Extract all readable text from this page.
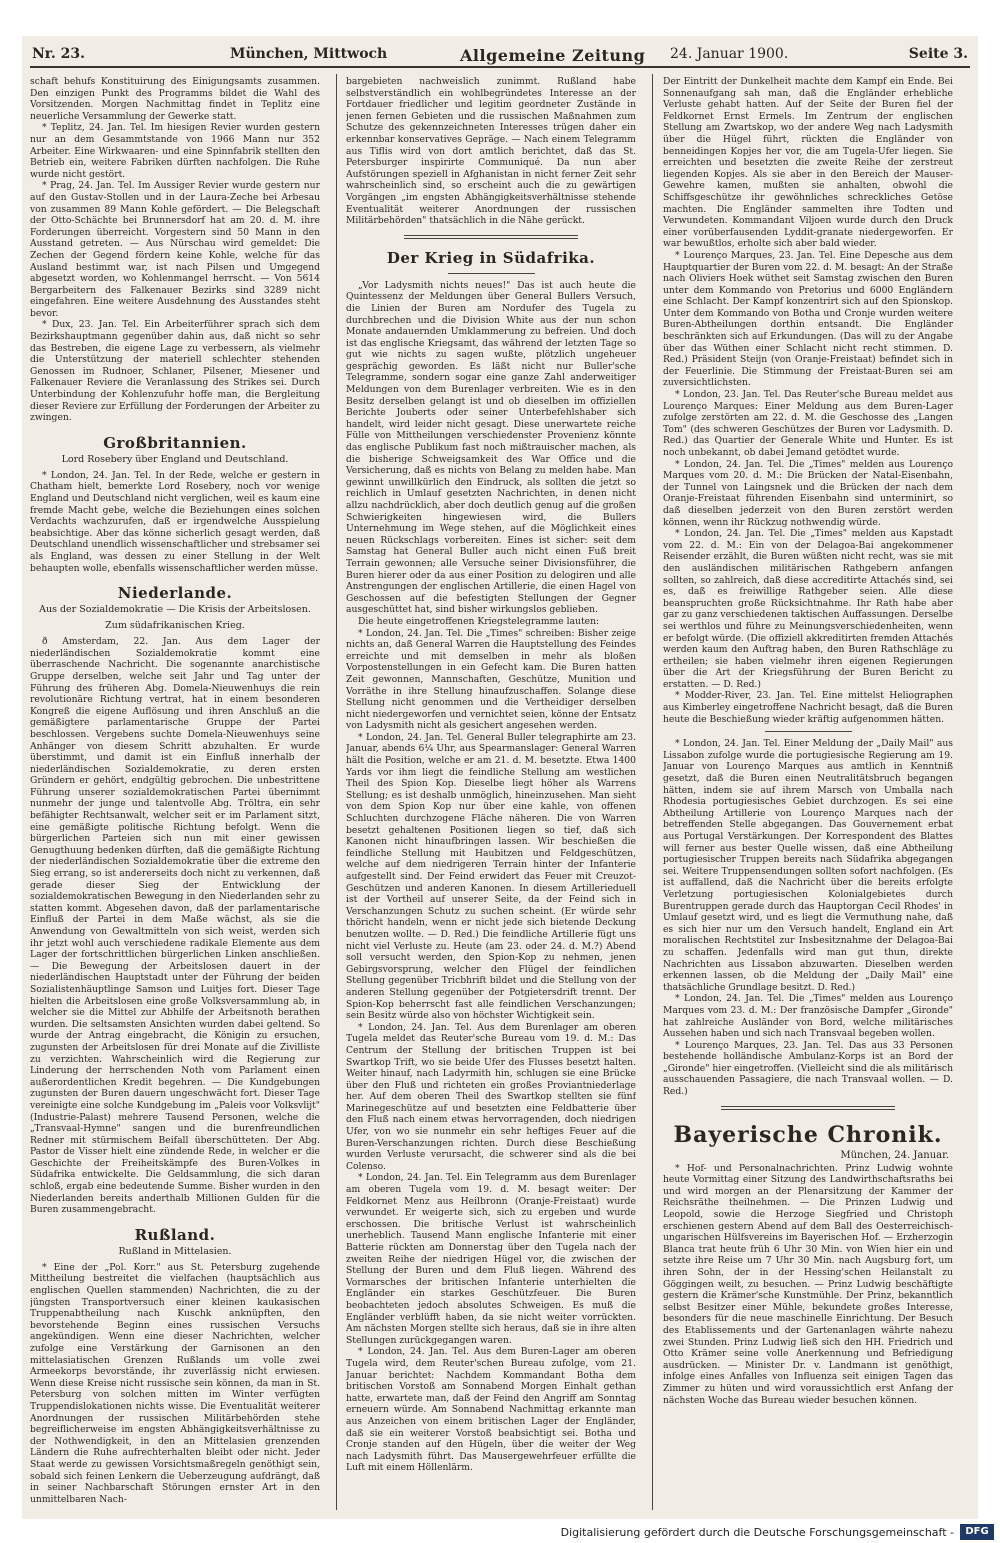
Nr. 23.	München, Mittwoch	Allgemeine Zeitung 24. Januar 1900.	Seite 3.

schaft behufs Konstituirung des Einigungsamts zusammen. Den einzigen Punkt des Programms bildet die Wahl des Vorsitzenden. Morgen Nachmittag findet in Teplitz eine neuerliche Versammlung der Gewerke statt.

* Teplitz, 24. Jan. Tel. Im hiesigen Revier wurden gestern nur an dem Gesammtstande von 1966 Mann nur 352 Arbeiter. Eine Wirkwaaren- und eine Spinnfabrik stellten den Betrieb ein, weitere Fabriken dürften nachfolgen. Die Ruhe wurde nicht gestört.

* Prag, 24. Jan. Tel. Im Aussiger Revier wurde gestern nur auf den Gustav-Stollen und in der Laura-Zeche bei Arbesau von zusammen 89 Mann Kohle gefördert. — Die Belegschaft der Otto-Schächte bei Brunnersdorf hat am 20. d. M. ihre Forderungen überreicht. Vorgestern sind 50 Mann in den Ausstand getreten. — Aus Nürschau wird gemeldet: Die Zechen der Gegend fördern keine Kohle, welche für das Ausland bestimmt war, ist nach Pilsen und Umgegend abgesetzt worden, wo Kohlenmangel herrscht. — Von 5614 Bergarbeitern des Falkenauer Bezirks sind 3289 nicht eingefahren. Eine weitere Ausdehnung des Ausstandes steht bevor.

* Dux, 23. Jan. Tel. Ein Arbeiterführer sprach sich dem Bezirkshauptmann gegenüber dahin aus, daß nicht so sehr das Bestreben, die eigene Lage zu verbessern, als vielmehr die Unterstützung der materiell schlechter stehenden Genossen im Rudnoer, Schlaner, Pilsener, Miesener und Falkenauer Reviere die Veranlassung des Strikes sei. Durch Unterbindung der Kohlenzufuhr hoffe man, die Bergleitung dieser Reviere zur Erfüllung der Forderungen der Arbeiter zu zwingen.

Großbritannien.
Lord Rosebery über England und Deutschland.

* London, 24. Jan. Tel. In der Rede, welche er gestern in Chatham hielt, bemerkte Lord Rosebery, noch vor wenige England und Deutschland nicht verglichen, weil es kaum eine fremde Macht gebe, welche die Beziehungen eines solchen Verdachts wachzurufen, daß er irgendwelche Ausspielung beabsichtige. Aber das könne sicherlich gesagt werden, daß Deutschland unendlich wissenschaftlicher und strebsamer sei als England, was dessen zu einer Stellung in der Welt behaupten wolle, ebenfalls wissenschaftlicher werden müsse.

Niederlande.
Aus der Sozialdemokratie — Die Krisis der Arbeitslosen.
Zum südafrikanischen Krieg.

ð Amsterdam, 22. Jan. Aus dem Lager der niederländischen Sozialdemokratie kommt eine überraschende Nachricht. Die sogenannte anarchistische Gruppe derselben, welche seit Jahr und Tag unter der Führung des früheren Abg. Domela-Nieuwenhuys die rein revolutionäre Richtung vertrat, hat in einem besonderen Kongreß die eigene Auflösung und ihren Anschluß an die gemäßigtere parlamentarische Gruppe der Partei beschlossen. Vergebens suchte Domela-Nieuwenhuys seine Anhänger von diesem Schritt abzuhalten. Er wurde überstimmt, und damit ist ein Einfluß innerhalb der niederländischen Sozialdemokratie, zu deren ersten Gründern er gehört, endgültig gebrochen. Die unbestrittene Führung unserer sozialdemokratischen Partei übernimmt nunmehr der junge und talentvolle Abg. Tröltra, ein sehr befähigter Rechtsanwalt, welcher seit er im Parlament sitzt, eine gemäßigte politische Richtung befolgt. Wenn die bürgerlichen Parteien sich nun mit einer gewissen Genugthuung bedenken dürften, daß die gemäßigte Richtung der niederländischen Sozialdemokratie über die extreme den Sieg errang, so ist andererseits doch nicht zu verkennen, daß gerade dieser Sieg der Entwicklung der sozialdemokratischen Bewegung in den Niederlanden sehr zu statten kommt. Abgesehen davon, daß der parlamentarische Einfluß der Partei in dem Maße wächst, als sie die Anwendung von Gewaltmitteln von sich weist, werden sich ihr jetzt wohl auch verschiedene radikale Elemente aus dem Lager der fortschrittlichen bürgerlichen Linken anschließen. — Die Bewegung der Arbeitslosen dauert in der niederländischen Hauptstadt unter der Führung der beiden Sozialistenhäuptlinge Samson und Luitjes fort. Dieser Tage hielten die Arbeitslosen eine große Volksversammlung ab, in welcher sie die Mittel zur Abhilfe der Arbeitsnoth berathen wurden. Die seltsamsten Ansichten wurden dabei geltend. So wurde der Antrag eingebracht, die Königin zu ersuchen, zugunsten der Arbeitslosen für drei Monate auf die Zivilliste zu verzichten. Wahrscheinlich wird die Regierung zur Linderung der herrschenden Noth vom Parlament einen außerordentlichen Kredit begehren. — Die Kundgebungen zugunsten der Buren dauern ungeschwächt fort. Dieser Tage vereinigte eine solche Kundgebung im „Paleis voor Volksvlijt" (Industrie-Palast) mehrere Tausend Personen, welche die „Transvaal-Hymne" sangen und die burenfreundlichen Redner mit stürmischem Beifall überschütteten. Der Abg. Pastor de Visser hielt eine zündende Rede, in welcher er die Geschichte der Freiheitskämpfe des Buren-Volkes in Südafrika entwickelte. Die Geldsammlung, die sich daran schloß, ergab eine bedeutende Summe. Bisher wurden in den Niederlanden bereits anderthalb Millionen Gulden für die Buren zusammengebracht.

Rußland.
Rußland in Mittelasien.

* Eine der „Pol. Korr." aus St. Petersburg zugehende Mittheilung bestreitet die vielfachen (hauptsächlich aus englischen Quellen stammenden) Nachrichten, die zu der jüngsten Transportversuch einer kleinen kaukasischen Truppenabtheilung nach Kuschk anknüpften, den bevorstehende Beginn eines russischen Versuchs angekündigen. Wenn eine dieser Nachrichten, welcher zufolge eine Verstärkung der Garnisonen an den mittelasiatischen Grenzen Rußlands um volle zwei Armeekorps bevorstände, ihr zuverlässig nicht erwiesen. Wenn diese Kreise nicht russische sein können, da man in St. Petersburg von solchen mitten im Winter verfügten Truppendislokationen nichts wisse. Die Eventualität weiterer Anordnungen der russischen Militärbehörden stehe begreiflicherweise im engsten Abhängigkeitsverhältnisse zu der Nothwendigkeit, in den an Mittelasien grenzenden Ländern die Ruhe aufrechterhalten bleibt oder nicht. Jeder Staat werde zu gewissen Vorsichtsmaßregeln genöthigt sein, sobald sich feinen Lenkern die Ueberzeugung aufdrängt, daß in seiner Nachbarschaft Störungen ernster Art in den unmittelbaren Nach-

bargebieten nachweislich zunimmt. Rußland habe selbstverständlich ein wohlbegründetes Interesse an der Fortdauer friedlicher und legitim geordneter Zustände in jenen fernen Gebieten und die russischen Maßnahmen zum Schutze des gekennzeichneten Interesses trügen daher ein erkennbar konservatives Gepräge. — Nach einem Telegramm aus Tiflis wird von dort amtlich berichtet, daß das St. Petersburger inspirirte Communiqué. Da nun aber Aufstörungen speziell in Afghanistan in nicht ferner Zeit sehr wahrscheinlich sind, so erscheint auch die zu gewärtigen Vorgängen „im engsten Abhängigkeitsverhältnisse stehende Eventualität weiterer Anordnungen der russischen Militärbehörden" thatsächlich in die Nähe gerückt.

Der Krieg in Südafrika.

„Vor Ladysmith nichts neues!" Das ist auch heute die Quintessenz der Meldungen über General Bullers Versuch, die Linien der Buren am Nordufer des Tugela zu durchbrechen und die Division White aus der nun schon Monate andauernden Umklammerung zu befreien. Und doch ist das englische Kriegsamt, das während der letzten Tage so gut wie nichts zu sagen wußte, plötzlich ungeheuer gesprächig geworden. Es läßt nicht nur Buller'sche Telegramme, sondern sogar eine ganze Zahl anderweitiger Meldungen von dem Burenlager verbreiten. Wie es in den Besitz derselben gelangt ist und ob dieselben im offiziellen Berichte Jouberts oder seiner Unterbefehlshaber sich handelt, wird leider nicht gesagt. Diese unerwartete reiche Fülle von Mittheilungen verschiedenster Provenienz könnte das englische Publikum fast noch mißtrauischer machen, als die bisherige Schweigsamkeit des War Office und die Versicherung, daß es nichts von Belang zu melden habe. Man gewinnt unwillkürlich den Eindruck, als sollten die jetzt so reichlich in Umlauf gesetzten Nachrichten, in denen nicht allzu nachdrücklich, aber doch deutlich genug auf die großen Schwierigkeiten hingewiesen wird, die Bullers Unternehmung im Wege stehen, auf die Möglichkeit eines neuen Rückschlags vorbereiten. Eines ist sicher: seit dem Samstag hat General Buller auch nicht einen Fuß breit Terrain gewonnen; alle Versuche seiner Divisionsführer, die Buren hierer oder da aus einer Position zu delogiren und alle Anstrengungen der englischen Artillerie, die einen Hagel von Geschossen auf die befestigten Stellungen der Gegner ausgeschüttet hat, sind bisher wirkungslos geblieben.

Die heute eingetroffenen Kriegstelegramme lauten:

* London, 24. Jan. Tel. Die „Times" schreiben: Bisher zeige nichts an, daß General Warren die Hauptstellung des Feindes erreichte und mit demselben in mehr als bloßen Vorpostenstellungen in ein Gefecht kam. Die Buren hatten Zeit gewonnen, Mannschaften, Geschütze, Munition und Vorräthe in ihre Stellung hinaufzuschaffen. Solange diese Stellung nicht genommen und die Vertheidiger derselben nicht niedergeworfen und vernichtet seien, könne der Entsatz von Ladysmith nicht als gesichert angesehen werden.

* London, 24. Jan. Tel. General Buller telegraphirte am 23. Januar, abends 6¼ Uhr, aus Spearmanslager: General Warren hält die Position, welche er am 21. d. M. besetzte. Etwa 1400 Yards vor ihm liegt die feindliche Stellung am westlichen Theil des Spion Kop. Dieselbe liegt höher als Warrens Stellung; es ist deshalb unmöglich, hineinzusehen. Man sieht von dem Spion Kop nur über eine kahle, von offenen Schluchten durchzogene Fläche näheren. Die von Warren besetzt gehaltenen Positionen liegen so tief, daß sich Kanonen nicht hinaufbringen lassen. Wir beschießen die feindliche Stellung mit Haubitzen und Feldgeschützen, welche auf dem niedrigeren Terrain hinter der Infanterie aufgestellt sind. Der Feind erwidert das Feuer mit Creuzot-Geschützen und anderen Kanonen. In diesem Artillerieduell ist der Vortheil auf unserer Seite, da der Feind sich in Verschanzungen Schutz zu suchen scheint. (Er würde sehr thöricht handeln, wenn er nicht jede sich bietende Deckung benutzen wollte. — D. Red.) Die feindliche Artillerie fügt uns nicht viel Verluste zu. Heute (am 23. oder 24. d. M.?) Abend soll versucht werden, den Spion-Kop zu nehmen, jenen Gebirgsvorsprung, welcher den Flügel der feindlichen Stellung gegenüber Tricbhrift bildet und die Stellung von der anderen Stellung gegenüber der Potgietersdrift trennt. Der Spion-Kop beherrscht fast alle feindlichen Verschanzungen; sein Besitz würde also von höchster Wichtigkeit sein.

* London, 24. Jan. Tel. Aus dem Burenlager am oberen Tugela meldet das Reuter'sche Bureau vom 19. d. M.: Das Centrum der Stellung der britischen Truppen ist bei Swartkop Trift, wo sie beide Ufer des Flusses besetzt halten. Weiter hinauf, nach Ladyrmith hin, schlugen sie eine Brücke über den Fluß und richteten ein großes Proviantniederlage her. Auf dem oberen Theil des Swartkop stellten sie fünf Marinegeschütze auf und besetzten eine Feldbatterie über den Fluß nach einem etwas hervorragenden, doch niedrigen Ufer, von wo sie nunmehr ein sehr heftiges Feuer auf die Buren-Verschanzungen richten. Durch diese Beschießung wurden Verluste verursacht, die schwerer sind als die bei Colenso.

* London, 24. Jan. Tel. Ein Telegramm aus dem Burenlager am oberen Tugela vom 19. d. M. besagt weiter: Der Feldkornet Menz aus Heilbronn (Oranje-Freistaat) wurde verwundet. Er weigerte sich, sich zu ergeben und wurde erschossen. Die britische Verlust ist wahrscheinlich unerheblich. Tausend Mann englische Infanterie mit einer Batterie rückten am Donnerstag über den Tugela nach der zweiten Reihe der niedrigen Hügel vor, die zwischen der Stellung der Buren und dem Fluß liegen. Während des Vormarsches der britischen Infanterie unterhielten die Engländer ein starkes Geschützfeuer. Die Buren beobachteten jedoch absolutes Schweigen. Es muß die Engländer verblüfft haben, da sie nicht weiter vorrückten. Am nächsten Morgen stellte sich heraus, daß sie in ihre alten Stellungen zurückgegangen waren.

* London, 24. Jan. Tel. Aus dem Buren-Lager am oberen Tugela wird, dem Reuter'schen Bureau zufolge, vom 21. Januar berichtet: Nachdem Kommandant Botha dem britischen Vorstoß am Sonnabend Morgen Einhalt gethan hatte, erwartete man, daß der Feind den Angriff am Sonntag erneuern würde. Am Sonnabend Nachmittag erkannte man aus Anzeichen von einem britischen Lager der Engländer, daß sie ein weiterer Vorstoß beabsichtigt sei. Botha und Cronje standen auf den Hügeln, über die weiter der Weg nach Ladysmith führt. Das Mausergewehrfeuer erfüllte die Luft mit einem Höllenlärm.

Der Eintritt der Dunkelheit machte dem Kampf ein Ende. Bei Sonnenaufgang sah man, daß die Engländer erhebliche Verluste gehabt hatten. Auf der Seite der Buren fiel der Feldkornet Ernst Ermels. Im Zentrum der englischen Stellung am Zwartskop, wo der andere Weg nach Ladysmith über die Hügel führt, rückten die Engländer von benneidingen Kopjes her vor, die am Tugela-Ufer liegen. Sie erreichten und besetzten die zweite Reihe der zerstreut liegenden Kopjes. Als sie aber in den Bereich der Mauser-Gewehre kamen, mußten sie anhalten, obwohl die Schiffsgeschütze ihr gewöhnliches schreckliches Getöse machten. Die Engländer sammelten ihre Todten und Verwundeten. Kommandant Viljoen wurde durch den Druck einer vorüberfausenden Lyddit-granate niedergeworfen. Er war bewußtlos, erholte sich aber bald wieder.

* Lourenço Marques, 23. Jan. Tel. Eine Depesche aus dem Hauptquartier der Buren vom 22. d. M. besagt: An der Straße nach Oliviers Hoek wüthet seit Samstag zwischen den Buren unter dem Kommando von Pretorius und 6000 Engländern eine Schlacht. Der Kampf konzentrirt sich auf den Spionskop. Unter dem Kommando von Botha und Cronje wurden weitere Buren-Abtheilungen dorthin entsandt. Die Engländer beschränkten sich auf Erkundungen. (Das will zu der Angabe über das Wüthen einer Schlacht nicht recht stimmen. D. Red.) Präsident Steijn (von Oranje-Freistaat) befindet sich in der Feuerlinie. Die Stimmung der Freistaat-Buren sei am zuversichtlichsten.

* London, 23. Jan. Tel. Das Reuter'sche Bureau meldet aus Lourenço Marques: Einer Meldung aus dem Buren-Lager zufolge zerstörten am 22. d. M. die Geschosse des „Langen Tom" (des schweren Geschützes der Buren vor Ladysmith. D. Red.) das Quartier der Generale White und Hunter. Es ist noch unbekannt, ob dabei Jemand getödtet wurde.

* London, 24. Jan. Tel. Die „Times" melden aus Lourenço Marques vom 20. d. M.: Die Brücken der Natal-Eisenbahn, der Tunnel von Laingsnek und die Brücken der nach dem Oranje-Freistaat führenden Eisenbahn sind unterminirt, so daß dieselben jederzeit von den Buren zerstört werden können, wenn ihr Rückzug nothwendig würde.

* London, 24. Jan. Tel. Die „Times" melden aus Kapstadt vom 22. d. M.: Ein von der Delagoa-Bai angekommener Reisender erzählt, die Buren wüßten nicht recht, was sie mit den ausländischen militärischen Rathgebern anfangen sollten, so zahlreich, daß diese accreditirte Attachés sind, sei es, daß es freiwillige Rathgeber seien. Alle diese beanspruchten große Rücksichtnahme. Ihr Rath habe aber gar zu ganz verschiedenen taktischen Auffassungen. Derselbe sei werthlos und führe zu Meinungsverschiedenheiten, wenn er befolgt würde. (Die offiziell akkreditirten fremden Attachés werden kaum den Auftrag haben, den Buren Rathschläge zu ertheilen; sie haben vielmehr ihren eigenen Regierungen über die Art der Kriegsführung der Buren Bericht zu erstatten. — D. Red.)

* Modder-River, 23. Jan. Tel. Eine mittelst Heliographen aus Kimberley eingetroffene Nachricht besagt, daß die Buren heute die Beschießung wieder kräftig aufgenommen hätten.

* London, 24. Jan. Tel. Einer Meldung der „Daily Mail" aus Lissabon zufolge wurde die portugiesische Regierung am 19. Januar von Lourenço Marques aus amtlich in Kenntniß gesetzt, daß die Buren einen Neutralitätsbruch begangen hätten, indem sie auf ihrem Marsch von Umballa nach Rhodesia portugiesisches Gebiet durchzogen. Es sei eine Abtheilung Artillerie von Lourenço Marques nach der betreffenden Stelle abgegangen. Das Gouvernement erbat aus Portugal Verstärkungen. Der Korrespondent des Blattes will ferner aus bester Quelle wissen, daß eine Abtheilung portugiesischer Truppen bereits nach Südafrika abgegangen sei. Weitere Truppensendungen sollten sofort nachfolgen. (Es ist auffallend, daß die Nachricht über die bereits erfolgte Verletzung portugiesischen Kolonialgebietes durch Burentruppen gerade durch das Hauptorgan Cecil Rhodes' in Umlauf gesetzt wird, und es liegt die Vermuthung nahe, daß es sich hier nur um den Versuch handelt, England ein Art moralischen Rechtstitel zur Insbesitznahme der Delagoa-Bai zu schaffen. Jedenfalls wird man gut thun, direkte Nachrichten aus Lissabon abzuwarten. Dieselben werden erkennen lassen, ob die Meldung der „Daily Mail" eine thatsächliche Grundlage besitzt. D. Red.)

* London, 24. Jan. Tel. Die „Times" melden aus Lourenço Marques vom 23. d. M.: Der französische Dampfer „Gironde" hat zahlreiche Ausländer von Bord, welche militärisches Aussehen haben und sich nach Transvaal begeben wollen.

* Lourenço Marques, 23. Jan. Tel. Das aus 33 Personen bestehende holländische Ambulanz-Korps ist an Bord der „Gironde" hier eingetroffen. (Vielleicht sind die als militärisch ausschauenden Passagiere, die nach Transvaal wollen. — D. Red.)

Bayerische Chronik.
München, 24. Januar.

* Hof- und Personalnachrichten. Prinz Ludwig wohnte heute Vormittag einer Sitzung des Landwirthschaftsraths bei und wird morgen an der Plenarsitzung der Kammer der Reichsräthe theilnehmen. — Die Prinzen Ludwig und Leopold, sowie die Herzoge Siegfried und Christoph erschienen gestern Abend auf dem Ball des Oesterreichisch-ungarischen Hülfsvereins im Bayerischen Hof. — Erzherzogin Blanca trat heute früh 6 Uhr 30 Min. von Wien hier ein und setzte ihre Reise um 7 Uhr 30 Min. nach Augsburg fort, um ihren Sohn, der in der Hessing'schen Heilanstalt zu Göggingen weilt, zu besuchen. — Prinz Ludwig beschäftigte gestern die Krämer'sche Kunstmühle. Der Prinz, bekanntlich selbst Besitzer einer Mühle, bekundete großes Interesse, besonders für die neue maschinelle Einrichtung. Der Besuch des Etablissements und der Gartenanlagen währte nahezu zwei Stunden. Prinz Ludwig ließ sich den HH. Friedrich und Otto Krämer seine volle Anerkennung und Befriedigung ausdrücken. — Minister Dr. v. Landmann ist genöthigt, infolge eines Anfalles von Influenza seit einigen Tagen das Zimmer zu hüten und wird voraussichtlich erst Anfang der nächsten Woche das Bureau wieder besuchen können.

Digitalisierung gefördert durch die Deutsche Forschungsgemeinschaft -	DFG
